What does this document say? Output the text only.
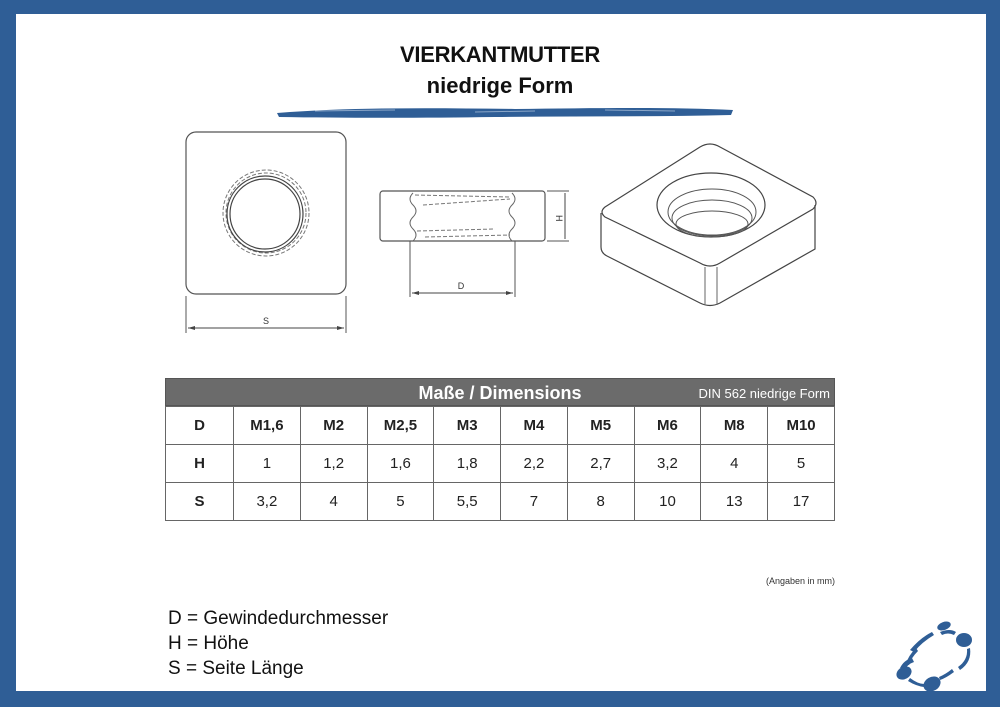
VIERKANTMUTTER
niedrige Form
S
H
D
Maße / Dimensions	DIN 562 niedrige Form
D	M1,6	M2	M2,5	M3	M4	M5	M6	M8	M10
H	1	1,2	1,6	1,8	2,2	2,7	3,2	4	5
S	3,2	4	5	5,5	7	8	10	13	17
(Angaben in mm)
D = Gewindedurchmesser
H = Höhe
S = Seite Länge
